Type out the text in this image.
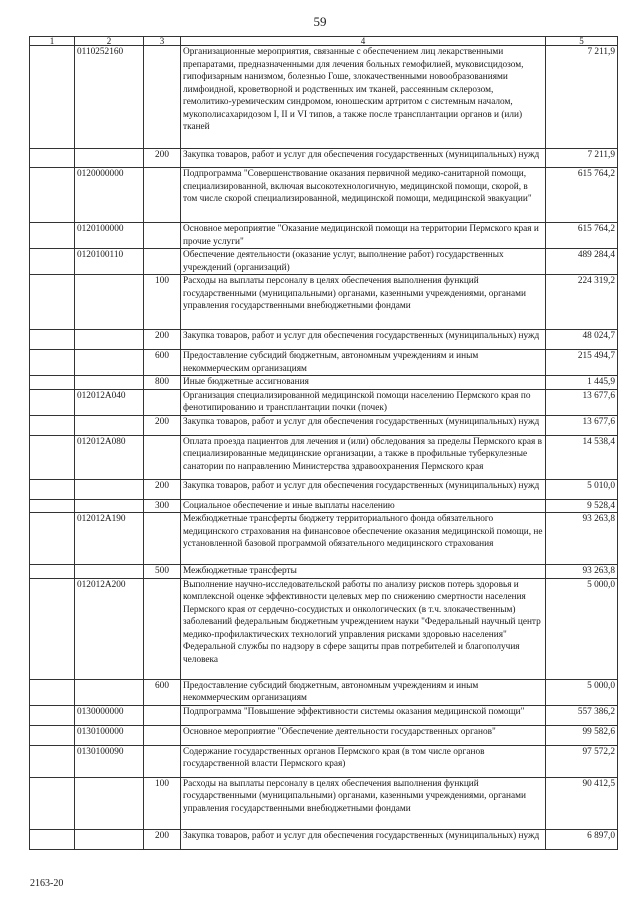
59
1	2	3	4	5
	0110252160		Организационные мероприятия, связанные с обеспечением лиц лекарственными препаратами, предназначенными для лечения больных гемофилией, муковисцидозом, гипофизарным нанизмом, болезнью Гоше, злокачественными новообразованиями лимфоидной, кроветворной и родственных им тканей, рассеянным склерозом, гемолитико-уремическим синдромом, юношеским артритом с системным началом, мукополисахаридозом I, II и VI типов, а также после трансплантации органов и (или) тканей	7 211,9
		200	Закупка товаров, работ и услуг для обеспечения государственных (муниципальных) нужд	7 211,9
	0120000000		Подпрограмма "Совершенствование оказания первичной медико-санитарной помощи, специализированной, включая высокотехнологичную, медицинской помощи, скорой, в том числе скорой специализированной, медицинской помощи, медицинской эвакуации"	615 764,2
	0120100000		Основное мероприятие "Оказание медицинской помощи на территории Пермского края и прочие услуги"	615 764,2
	0120100110		Обеспечение деятельности (оказание услуг, выполнение работ) государственных учреждений (организаций)	489 284,4
		100	Расходы на выплаты персоналу в целях обеспечения выполнения функций государственными (муниципальными) органами, казенными учреждениями, органами управления государственными внебюджетными фондами	224 319,2
		200	Закупка товаров, работ и услуг для обеспечения государственных (муниципальных) нужд	48 024,7
		600	Предоставление субсидий бюджетным, автономным учреждениям и иным некоммерческим организациям	215 494,7
		800	Иные бюджетные ассигнования	1 445,9
	012012А040		Организация специализированной медицинской помощи населению Пермского края по фенотипированию и трансплантации почки (почек)	13 677,6
		200	Закупка товаров, работ и услуг для обеспечения государственных (муниципальных) нужд	13 677,6
	012012А080		Оплата проезда пациентов для лечения и (или) обследования за пределы Пермского края в специализированные медицинские организации, а также в профильные туберкулезные санатории по направлению Министерства здравоохранения Пермского края	14 538,4
		200	Закупка товаров, работ и услуг для обеспечения государственных (муниципальных) нужд	5 010,0
		300	Социальное обеспечение и иные выплаты населению	9 528,4
	012012А190		Межбюджетные трансферты бюджету территориального фонда обязательного медицинского страхования на финансовое обеспечение оказания медицинской помощи, не установленной базовой программой обязательного медицинского страхования	93 263,8
		500	Межбюджетные трансферты	93 263,8
	012012А200		Выполнение научно-исследовательской работы по анализу рисков потерь здоровья и комплексной оценке эффективности целевых мер по снижению смертности населения Пермского края от сердечно-сосудистых и онкологических (в т.ч. злокачественным) заболеваний федеральным бюджетным учреждением науки "Федеральный научный центр медико-профилактических технологий управления рисками здоровью населения" Федеральной службы по надзору в сфере защиты прав потребителей и благополучия человека	5 000,0
		600	Предоставление субсидий бюджетным, автономным учреждениям и иным некоммерческим организациям	5 000,0
	0130000000		Подпрограмма "Повышение эффективности системы оказания медицинской помощи"	557 386,2
	0130100000		Основное мероприятие "Обеспечение деятельности государственных органов"	99 582,6
	0130100090		Содержание государственных органов Пермского края (в том числе органов государственной власти Пермского края)	97 572,2
		100	Расходы на выплаты персоналу в целях обеспечения выполнения функций государственными (муниципальными) органами, казенными учреждениями, органами управления государственными внебюджетными фондами	90 412,5
		200	Закупка товаров, работ и услуг для обеспечения государственных (муниципальных) нужд	6 897,0
2163-20
